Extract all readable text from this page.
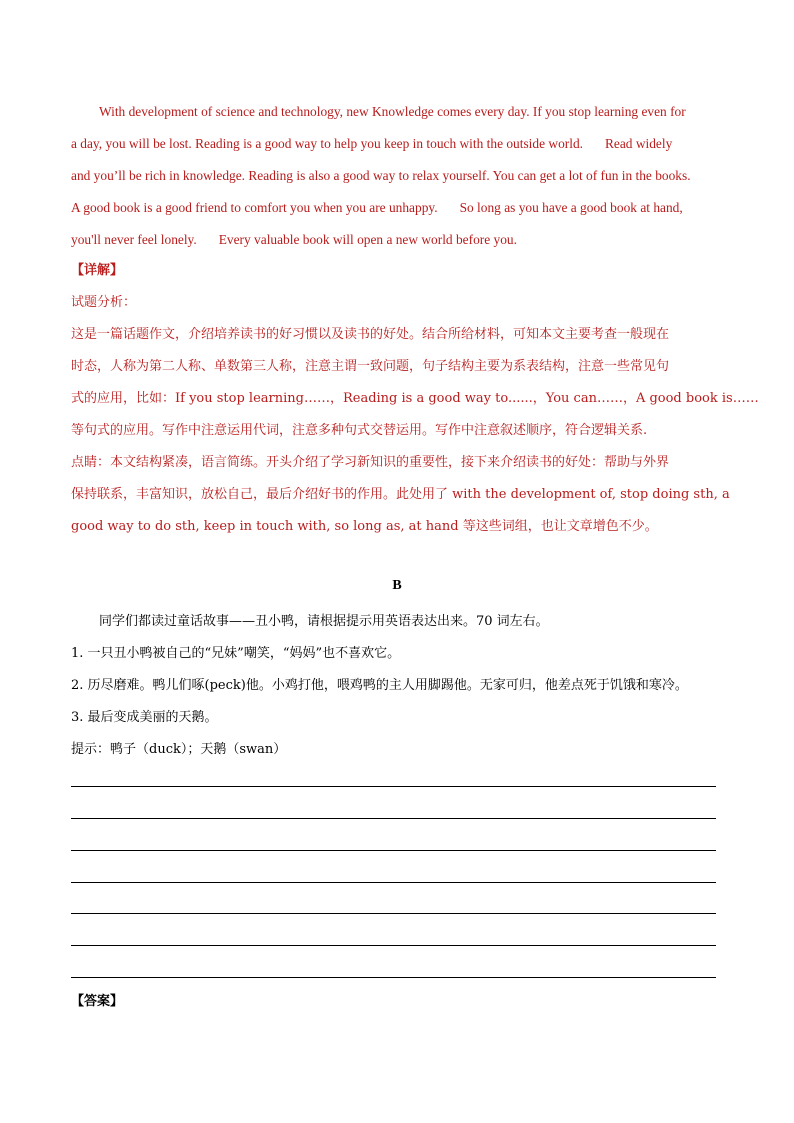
With development of science and technology, new Knowledge comes every day. If you stop learning even for
a day, you will be lost. Reading is a good way to help you keep in touch with the outside world. Read widely
and you’ll be rich in knowledge. Reading is also a good way to relax yourself. You can get a lot of fun in the books.
A good book is a good friend to comfort you when you are unhappy. So long as you have a good book at hand,
you'll never feel lonely. Every valuable book will open a new world before you.
【详解】
试题分析：
这是一篇话题作文，介绍培养读书的好习惯以及读书的好处。结合所给材料，可知本文主要考查一般现在
时态，人称为第二人称、单数第三人称，注意主谓一致问题，句子结构主要为系表结构，注意一些常见句
式的应用，比如：If you stop learning……，Reading is a good way to......，You can……，A good book is……
等句式的应用。写作中注意运用代词，注意多种句式交替运用。写作中注意叙述顺序，符合逻辑关系.
点睛：本文结构紧凑，语言简练。开头介绍了学习新知识的重要性，接下来介绍读书的好处：帮助与外界
保持联系，丰富知识，放松自己，最后介绍好书的作用。此处用了 with the development of, stop doing sth, a
good way to do sth, keep in touch with, so long as, at hand 等这些词组，也让文章增色不少。
B
同学们都读过童话故事——丑小鸭，请根据提示用英语表达出来。70 词左右。
1. 一只丑小鸭被自己的“兄妹”嘲笑，“妈妈”也不喜欢它。
2. 历尽磨难。鸭儿们啄(peck)他。小鸡打他，喂鸡鸭的主人用脚踢他。无家可归，他差点死于饥饿和寒冷。
3. 最后变成美丽的天鹅。
提示：鸭子（duck）；天鹅（swan）
【答案】
